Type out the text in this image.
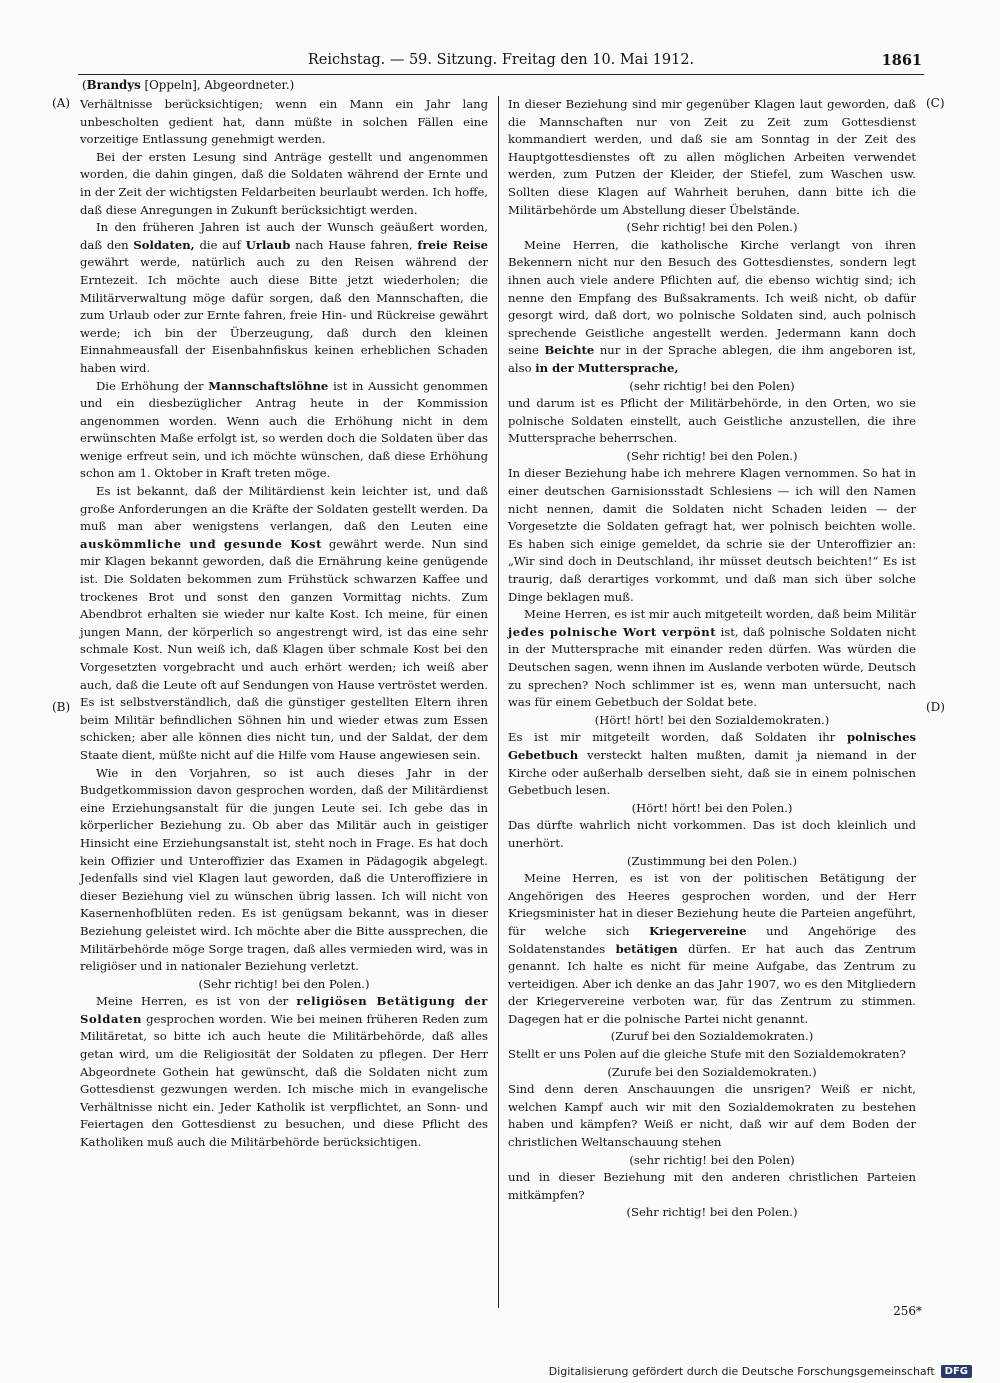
Reichstag. — 59. Sitzung. Freitag den 10. Mai 1912.	1861
(Brandys [Oppeln], Abgeordneter.)
(A)
(B)
(C)
(D)

Verhältnisse berücksichtigen; wenn ein Mann ein Jahr lang unbescholten gedient hat, dann müßte in solchen Fällen eine vorzeitige Entlassung genehmigt werden.

Bei der ersten Lesung sind Anträge gestellt und angenommen worden, die dahin gingen, daß die Soldaten während der Ernte und in der Zeit der wichtigsten Feldarbeiten beurlaubt werden. Ich hoffe, daß diese Anregungen in Zukunft berücksichtigt werden.

In den früheren Jahren ist auch der Wunsch geäußert worden, daß den Soldaten, die auf Urlaub nach Hause fahren, freie Reise gewährt werde, natürlich auch zu den Reisen während der Erntezeit. Ich möchte auch diese Bitte jetzt wiederholen; die Militärverwaltung möge dafür sorgen, daß den Mannschaften, die zum Urlaub oder zur Ernte fahren, freie Hin- und Rückreise gewährt werde; ich bin der Überzeugung, daß durch den kleinen Einnahmeausfall der Eisenbahnfiskus keinen erheblichen Schaden haben wird.

Die Erhöhung der Mannschaftslöhne ist in Aussicht genommen und ein diesbezüglicher Antrag heute in der Kommission angenommen worden. Wenn auch die Erhöhung nicht in dem erwünschten Maße erfolgt ist, so werden doch die Soldaten über das wenige erfreut sein, und ich möchte wünschen, daß diese Erhöhung schon am 1. Oktober in Kraft treten möge.

Es ist bekannt, daß der Militärdienst kein leichter ist, und daß große Anforderungen an die Kräfte der Soldaten gestellt werden. Da muß man aber wenigstens verlangen, daß den Leuten eine auskömmliche und gesunde Kost gewährt werde. Nun sind mir Klagen bekannt geworden, daß die Ernährung keine genügende ist. Die Soldaten bekommen zum Frühstück schwarzen Kaffee und trockenes Brot und sonst den ganzen Vormittag nichts. Zum Abendbrot erhalten sie wieder nur kalte Kost. Ich meine, für einen jungen Mann, der körperlich so angestrengt wird, ist das eine sehr schmale Kost. Nun weiß ich, daß Klagen über schmale Kost bei den Vorgesetzten vorgebracht und auch erhört werden; ich weiß aber auch, daß die Leute oft auf Sendungen von Hause vertröstet werden. Es ist selbstverständlich, daß die günstiger gestellten Eltern ihren beim Militär befindlichen Söhnen hin und wieder etwas zum Essen schicken; aber alle können dies nicht tun, und der Saldat, der dem Staate dient, müßte nicht auf die Hilfe vom Hause angewiesen sein.

Wie in den Vorjahren, so ist auch dieses Jahr in der Budgetkommission davon gesprochen worden, daß der Militärdienst eine Erziehungsanstalt für die jungen Leute sei. Ich gebe das in körperlicher Beziehung zu. Ob aber das Militär auch in geistiger Hinsicht eine Erziehungsanstalt ist, steht noch in Frage. Es hat doch kein Offizier und Unteroffizier das Examen in Pädagogik abgelegt. Jedenfalls sind viel Klagen laut geworden, daß die Unteroffiziere in dieser Beziehung viel zu wünschen übrig lassen. Ich will nicht von Kasernenhofblüten reden. Es ist genügsam bekannt, was in dieser Beziehung geleistet wird. Ich möchte aber die Bitte aussprechen, die Militärbehörde möge Sorge tragen, daß alles vermieden wird, was in religiöser und in nationaler Beziehung verletzt.

(Sehr richtig! bei den Polen.)

Meine Herren, es ist von der religiösen Betätigung der Soldaten gesprochen worden. Wie bei meinen früheren Reden zum Militäretat, so bitte ich auch heute die Militärbehörde, daß alles getan wird, um die Religiosität der Soldaten zu pflegen. Der Herr Abgeordnete Gothein hat gewünscht, daß die Soldaten nicht zum Gottesdienst gezwungen werden. Ich mische mich in evangelische Verhältnisse nicht ein. Jeder Katholik ist verpflichtet, an Sonn- und Feiertagen den Gottesdienst zu besuchen, und diese Pflicht des Katholiken muß auch die Militärbehörde berücksichtigen.

In dieser Beziehung sind mir gegenüber Klagen laut geworden, daß die Mannschaften nur von Zeit zu Zeit zum Gottesdienst kommandiert werden, und daß sie am Sonntag in der Zeit des Hauptgottesdienstes oft zu allen möglichen Arbeiten verwendet werden, zum Putzen der Kleider, der Stiefel, zum Waschen usw. Sollten diese Klagen auf Wahrheit beruhen, dann bitte ich die Militärbehörde um Abstellung dieser Übelstände.

(Sehr richtig! bei den Polen.)

Meine Herren, die katholische Kirche verlangt von ihren Bekennern nicht nur den Besuch des Gottesdienstes, sondern legt ihnen auch viele andere Pflichten auf, die ebenso wichtig sind; ich nenne den Empfang des Bußsakraments. Ich weiß nicht, ob dafür gesorgt wird, daß dort, wo polnische Soldaten sind, auch polnisch sprechende Geistliche angestellt werden. Jedermann kann doch seine Beichte nur in der Sprache ablegen, die ihm angeboren ist, also in der Muttersprache,

(sehr richtig! bei den Polen)

und darum ist es Pflicht der Militärbehörde, in den Orten, wo sie polnische Soldaten einstellt, auch Geistliche anzustellen, die ihre Muttersprache beherrschen.

(Sehr richtig! bei den Polen.)

In dieser Beziehung habe ich mehrere Klagen vernommen. So hat in einer deutschen Garnisionsstadt Schlesiens — ich will den Namen nicht nennen, damit die Soldaten nicht Schaden leiden — der Vorgesetzte die Soldaten gefragt hat, wer polnisch beichten wolle. Es haben sich einige gemeldet, da schrie sie der Unteroffizier an: „Wir sind doch in Deutschland, ihr müsset deutsch beichten!“ Es ist traurig, daß derartiges vorkommt, und daß man sich über solche Dinge beklagen muß.

Meine Herren, es ist mir auch mitgeteilt worden, daß beim Militär jedes polnische Wort verpönt ist, daß polnische Soldaten nicht in der Muttersprache mit einander reden dürfen. Was würden die Deutschen sagen, wenn ihnen im Auslande verboten würde, Deutsch zu sprechen? Noch schlimmer ist es, wenn man untersucht, nach was für einem Gebetbuch der Soldat bete.

(Hört! hört! bei den Sozialdemokraten.)

Es ist mir mitgeteilt worden, daß Soldaten ihr polnisches Gebetbuch versteckt halten mußten, damit ja niemand in der Kirche oder außerhalb derselben sieht, daß sie in einem polnischen Gebetbuch lesen.

(Hört! hört! bei den Polen.)

Das dürfte wahrlich nicht vorkommen. Das ist doch kleinlich und unerhört.

(Zustimmung bei den Polen.)

Meine Herren, es ist von der politischen Betätigung der Angehörigen des Heeres gesprochen worden, und der Herr Kriegsminister hat in dieser Beziehung heute die Parteien angeführt, für welche sich Kriegervereine und Angehörige des Soldatenstandes betätigen dürfen. Er hat auch das Zentrum genannt. Ich halte es nicht für meine Aufgabe, das Zentrum zu verteidigen. Aber ich denke an das Jahr 1907, wo es den Mitgliedern der Kriegervereine verboten war, für das Zentrum zu stimmen. Dagegen hat er die polnische Partei nicht genannt.

(Zuruf bei den Sozialdemokraten.)

Stellt er uns Polen auf die gleiche Stufe mit den Sozialdemokraten?

(Zurufe bei den Sozialdemokraten.)

Sind denn deren Anschauungen die unsrigen? Weiß er nicht, welchen Kampf auch wir mit den Sozialdemokraten zu bestehen haben und kämpfen? Weiß er nicht, daß wir auf dem Boden der christlichen Weltanschauung stehen

(sehr richtig! bei den Polen)

und in dieser Beziehung mit den anderen christlichen Parteien mitkämpfen?

(Sehr richtig! bei den Polen.)

256*
Digitalisierung gefördert durch die Deutsche Forschungsgemeinschaft	DFG
